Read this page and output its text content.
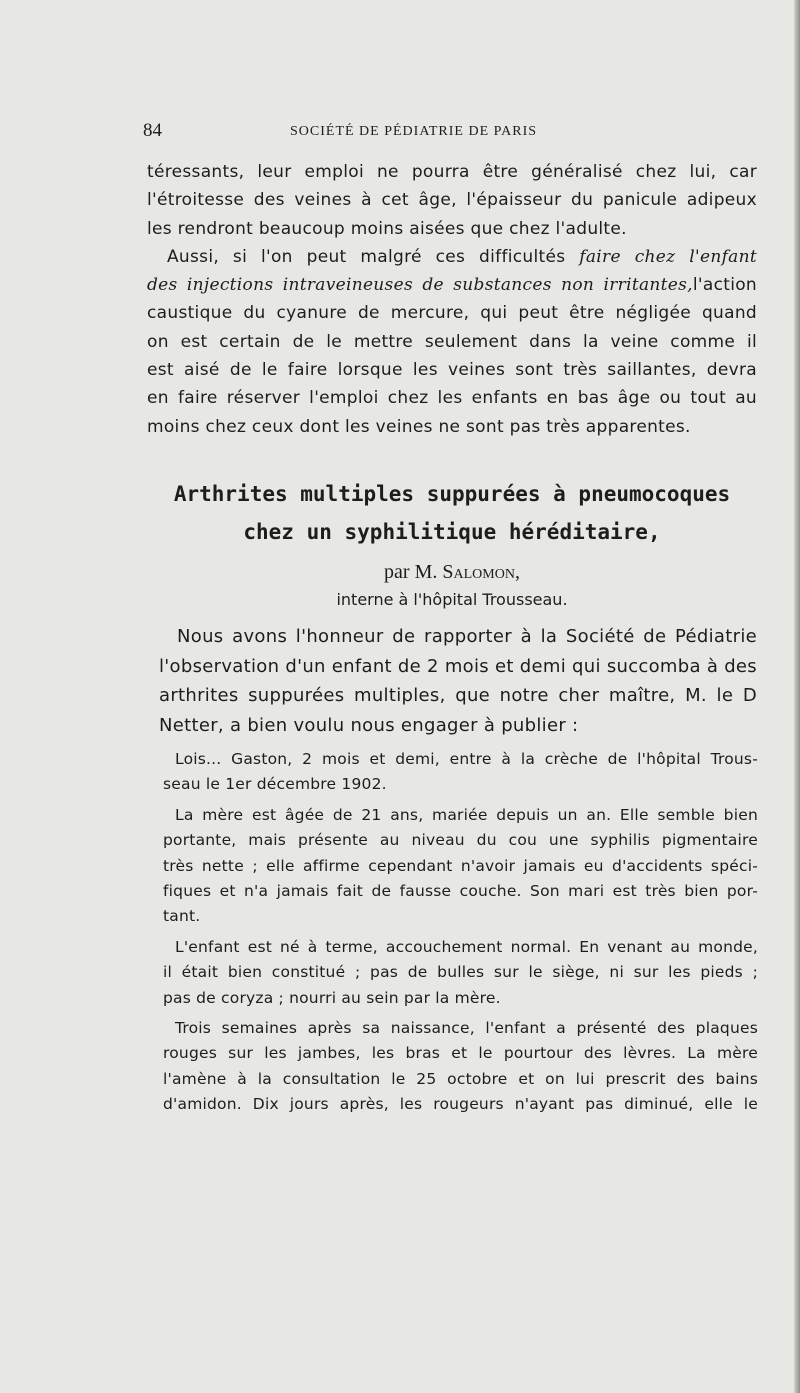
84	SOCIÉTÉ DE PÉDIATRIE DE PARIS
téressants, leur emploi ne pourra être généralisé chez lui, car
l'étroitesse des veines à cet âge, l'épaisseur du panicule adipeux
les rendront beaucoup moins aisées que chez l'adulte.
Aussi, si l'on peut malgré ces difficultés faire chez l'enfant
des injections intraveineuses de substances non irritantes,l'action
caustique du cyanure de mercure, qui peut être négligée quand
on est certain de le mettre seulement dans la veine comme il
est aisé de le faire lorsque les veines sont très saillantes, devra
en faire réserver l'emploi chez les enfants en bas âge ou tout au
moins chez ceux dont les veines ne sont pas très apparentes.
Arthrites multiples suppurées à pneumocoques
chez un syphilitique héréditaire,
par M. Salomon,
interne à l'hôpital Trousseau.
Nous avons l'honneur de rapporter à la Société de Pédiatrie
l'observation d'un enfant de 2 mois et demi qui succomba à des
arthrites suppurées multiples, que notre cher maître, M. le D
Netter, a bien voulu nous engager à publier :
Lois... Gaston, 2 mois et demi, entre à la crèche de l'hôpital Trous-
seau le 1er décembre 1902.
La mère est âgée de 21 ans, mariée depuis un an. Elle semble bien
portante, mais présente au niveau du cou une syphilis pigmentaire
très nette ; elle affirme cependant n'avoir jamais eu d'accidents spéci-
fiques et n'a jamais fait de fausse couche. Son mari est très bien por-
tant.
L'enfant est né à terme, accouchement normal. En venant au monde,
il était bien constitué ; pas de bulles sur le siège, ni sur les pieds ;
pas de coryza ; nourri au sein par la mère.
Trois semaines après sa naissance, l'enfant a présenté des plaques
rouges sur les jambes, les bras et le pourtour des lèvres. La mère
l'amène à la consultation le 25 octobre et on lui prescrit des bains
d'amidon. Dix jours après, les rougeurs n'ayant pas diminué, elle le
